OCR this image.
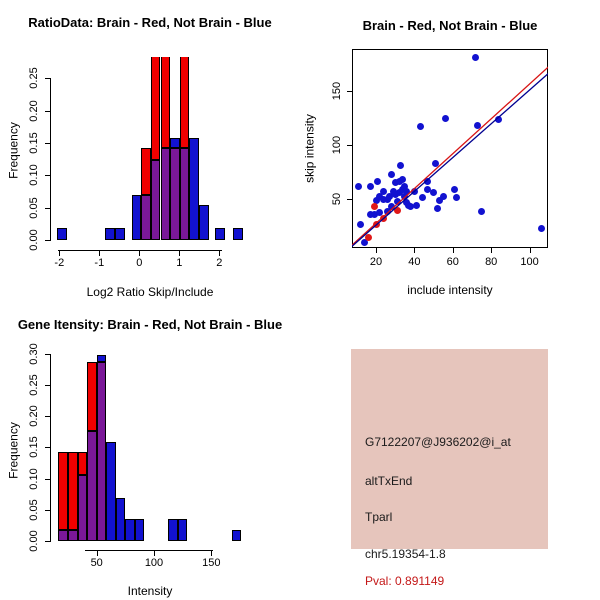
RatioData: Brain - Red, Not Brain - Blue
Frequency
0.00
0.05
0.10
0.15
0.20
0.25
-2	-1	0	1	2
Log2 Ratio Skip/Include
Brain - Red, Not Brain - Blue
skip intensity
20	40	60	80	100
50
100
150
include intensity
Gene Itensity: Brain - Red, Not Brain - Blue
Frequency
0.00
0.05
0.10
0.15
0.20
0.25
0.30
50	100	150
Intensity
G7122207@J936202@i_at
altTxEnd
Tparl
chr5.19354-1.8
Pval: 0.891149
